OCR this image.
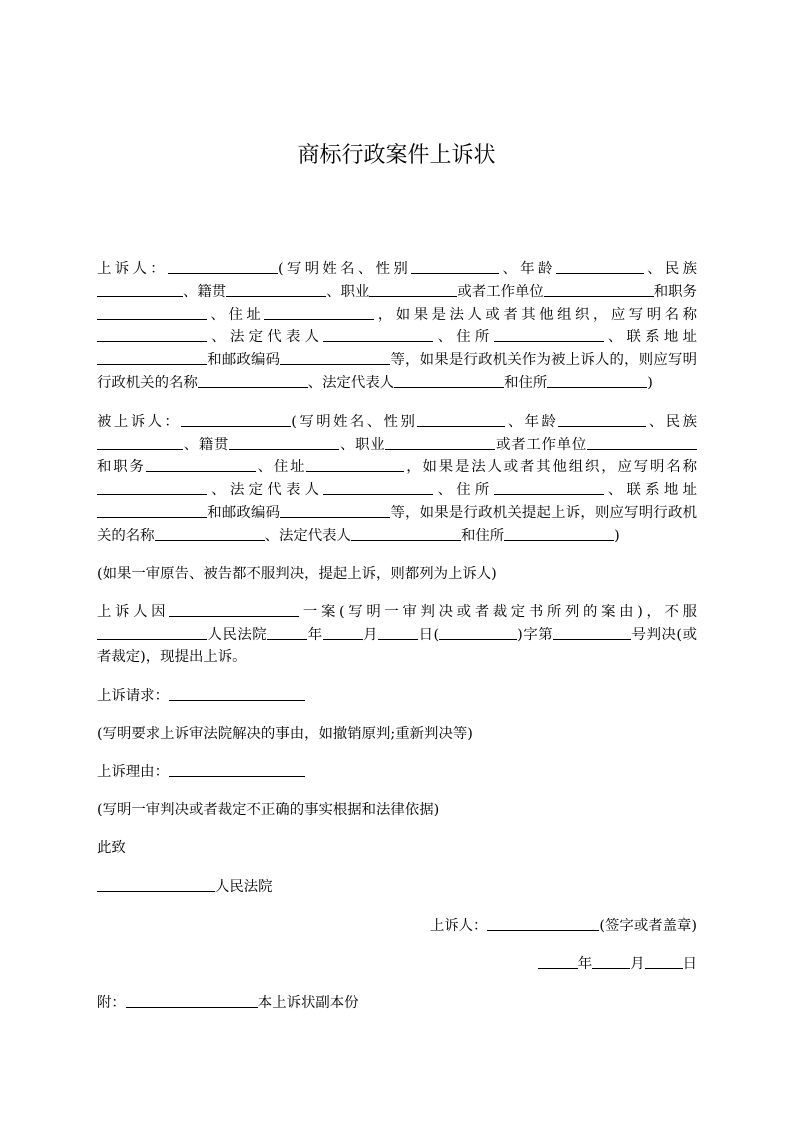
商标行政案件上诉状

上诉人：	(写明姓名、性别	、年龄	、民族、籍贯	、职业	或者工作单位	和职务、住址	，如果是法人或者其他组织，应写明名称、法定代表人	、住所	、联系地址和邮政编码	等，如果是行政机关作为被上诉人的，则应写明行政机关的名称	、法定代表人	和住所	)

被上诉人：	(写明姓名、性别	、年龄	、民族、籍贯	、职业	或者工作单位和职务	、住址	，如果是法人或者其他组织，应写明名称、法定代表人	、住所	、联系地址和邮政编码	等，如果是行政机关提起上诉，则应写明行政机关的名称	、法定代表人	和住所	)

(如果一审原告、被告都不服判决，提起上诉，则都列为上诉人)

上诉人因	一案(写明一审判决或者裁定书所列的案由)，不服人民法院	年	月	日(	)字第	号判决(或者裁定)，现提出上诉。

上诉请求：

(写明要求上诉审法院解决的事由，如撤销原判;重新判决等)

上诉理由：

(写明一审判决或者裁定不正确的事实根据和法律依据)

此致

人民法院

上诉人：	(签字或者盖章)

年	月	日

附：	本上诉状副本份
